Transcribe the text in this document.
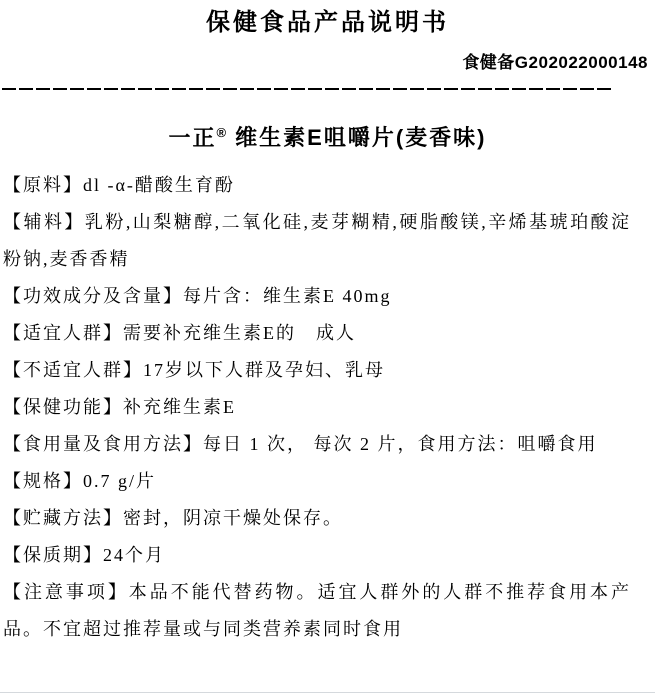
保健食品产品说明书
食健备G202022000148
一正® 维生素E咀嚼片(麦香味)

【原料】dl -α-醋酸生育酚

【辅料】乳粉,山梨糖醇,二氧化硅,麦芽糊精,硬脂酸镁,辛烯基琥珀酸淀粉钠,麦香香精

【功效成分及含量】每片含：维生素E 40mg

【适宜人群】需要补充维生素E的　成人

【不适宜人群】17岁以下人群及孕妇、乳母

【保健功能】补充维生素E

【食用量及食用方法】每日 1 次， 每次 2 片，食用方法：咀嚼食用

【规格】0.7 g/片

【贮藏方法】密封，阴凉干燥处保存。

【保质期】24个月

【注意事项】本品不能代替药物。适宜人群外的人群不推荐食用本产品。不宜超过推荐量或与同类营养素同时食用
